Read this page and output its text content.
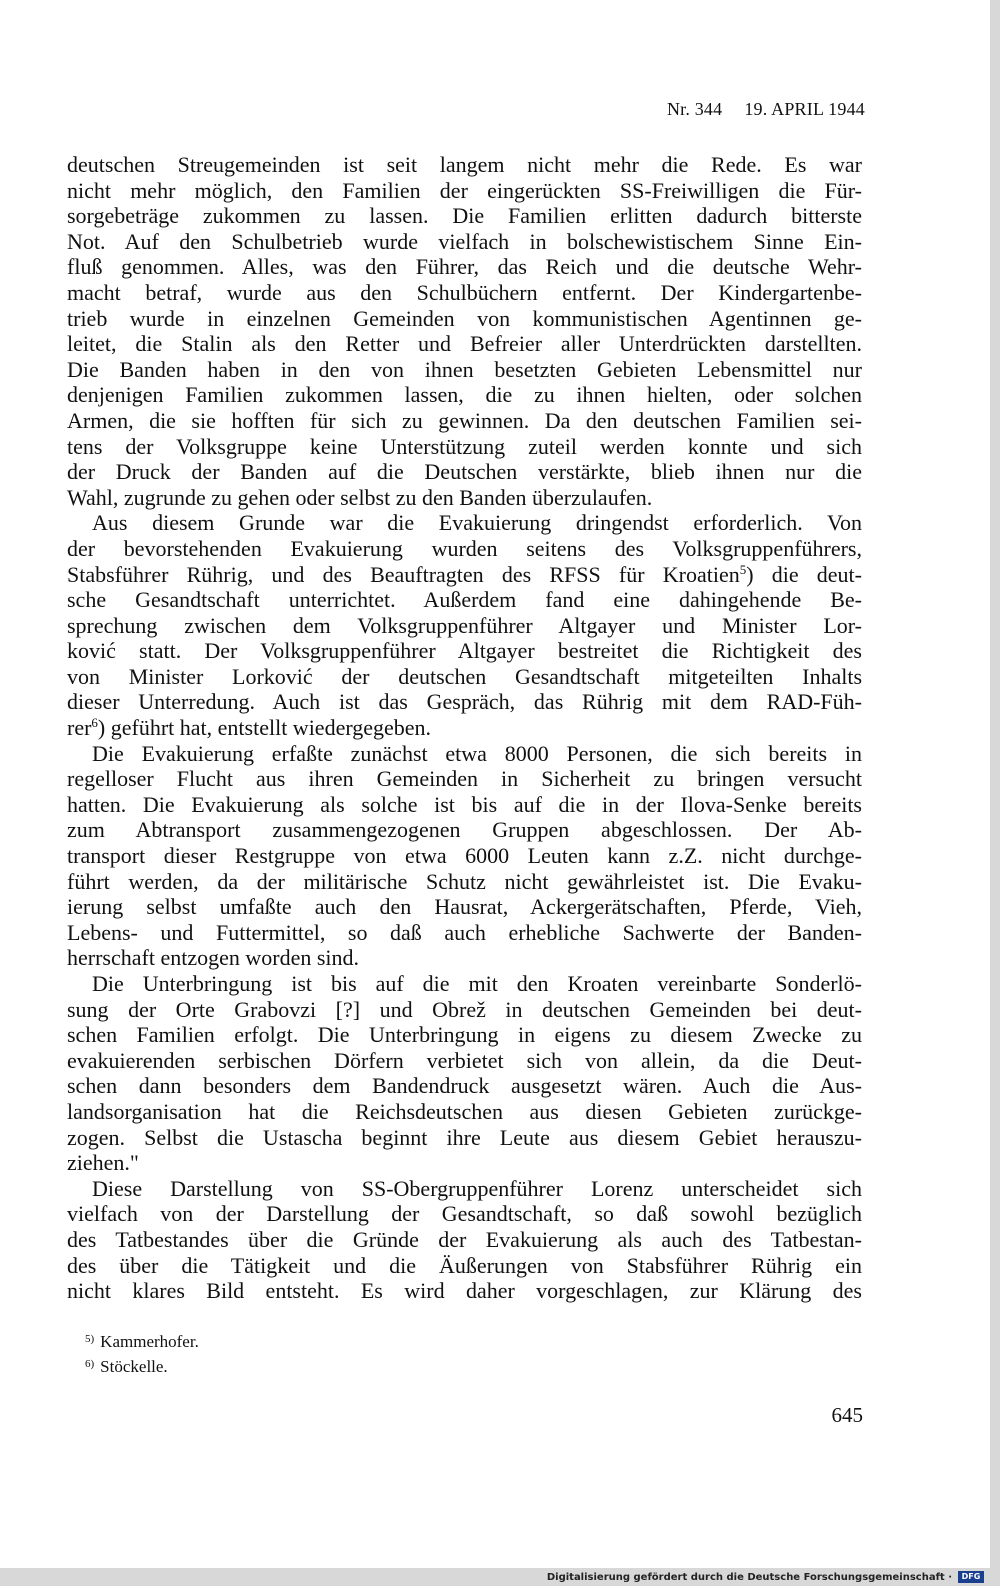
Nr. 344 19. APRIL 1944
deutschen Streugemeinden ist seit langem nicht mehr die Rede. Es war
nicht mehr möglich, den Familien der eingerückten SS-Freiwilligen die Für-
sorgebeträge zukommen zu lassen. Die Familien erlitten dadurch bitterste
Not. Auf den Schulbetrieb wurde vielfach in bolschewistischem Sinne Ein-
fluß genommen. Alles, was den Führer, das Reich und die deutsche Wehr-
macht betraf, wurde aus den Schulbüchern entfernt. Der Kindergartenbe-
trieb wurde in einzelnen Gemeinden von kommunistischen Agentinnen ge-
leitet, die Stalin als den Retter und Befreier aller Unterdrückten darstellten.
Die Banden haben in den von ihnen besetzten Gebieten Lebensmittel nur
denjenigen Familien zukommen lassen, die zu ihnen hielten, oder solchen
Armen, die sie hofften für sich zu gewinnen. Da den deutschen Familien sei-
tens der Volksgruppe keine Unterstützung zuteil werden konnte und sich
der Druck der Banden auf die Deutschen verstärkte, blieb ihnen nur die
Wahl, zugrunde zu gehen oder selbst zu den Banden überzulaufen.
Aus diesem Grunde war die Evakuierung dringendst erforderlich. Von
der bevorstehenden Evakuierung wurden seitens des Volksgruppenführers,
Stabsführer Rührig, und des Beauftragten des RFSS für Kroatien$^5$) die deut-
sche Gesandtschaft unterrichtet. Außerdem fand eine dahingehende Be-
sprechung zwischen dem Volksgruppenführer Altgayer und Minister Lor-
ković statt. Der Volksgruppenführer Altgayer bestreitet die Richtigkeit des
von Minister Lorković der deutschen Gesandtschaft mitgeteilten Inhalts
dieser Unterredung. Auch ist das Gespräch, das Rührig mit dem RAD-Füh-
rer$^6$) geführt hat, entstellt wiedergegeben.
Die Evakuierung erfaßte zunächst etwa 8000 Personen, die sich bereits in
regelloser Flucht aus ihren Gemeinden in Sicherheit zu bringen versucht
hatten. Die Evakuierung als solche ist bis auf die in der Ilova-Senke bereits
zum Abtransport zusammengezogenen Gruppen abgeschlossen. Der Ab-
transport dieser Restgruppe von etwa 6000 Leuten kann z.Z. nicht durchge-
führt werden, da der militärische Schutz nicht gewährleistet ist. Die Evaku-
ierung selbst umfaßte auch den Hausrat, Ackergerätschaften, Pferde, Vieh,
Lebens- und Futtermittel, so daß auch erhebliche Sachwerte der Banden-
herrschaft entzogen worden sind.
Die Unterbringung ist bis auf die mit den Kroaten vereinbarte Sonderlö-
sung der Orte Grabovzi [?] und Obrež in deutschen Gemeinden bei deut-
schen Familien erfolgt. Die Unterbringung in eigens zu diesem Zwecke zu
evakuierenden serbischen Dörfern verbietet sich von allein, da die Deut-
schen dann besonders dem Bandendruck ausgesetzt wären. Auch die Aus-
landsorganisation hat die Reichsdeutschen aus diesen Gebieten zurückge-
zogen. Selbst die Ustascha beginnt ihre Leute aus diesem Gebiet herauszu-
ziehen."
Diese Darstellung von SS-Obergruppenführer Lorenz unterscheidet sich
vielfach von der Darstellung der Gesandtschaft, so daß sowohl bezüglich
des Tatbestandes über die Gründe der Evakuierung als auch des Tatbestan-
des über die Tätigkeit und die Äußerungen von Stabsführer Rührig ein
nicht klares Bild entsteht. Es wird daher vorgeschlagen, zur Klärung des
$^{5)}$ Kammerhofer.
$^{6)}$ Stöckelle.
645
Digitalisierung gefördert durch die Deutsche Forschungsgemeinschaft ·	DFG
